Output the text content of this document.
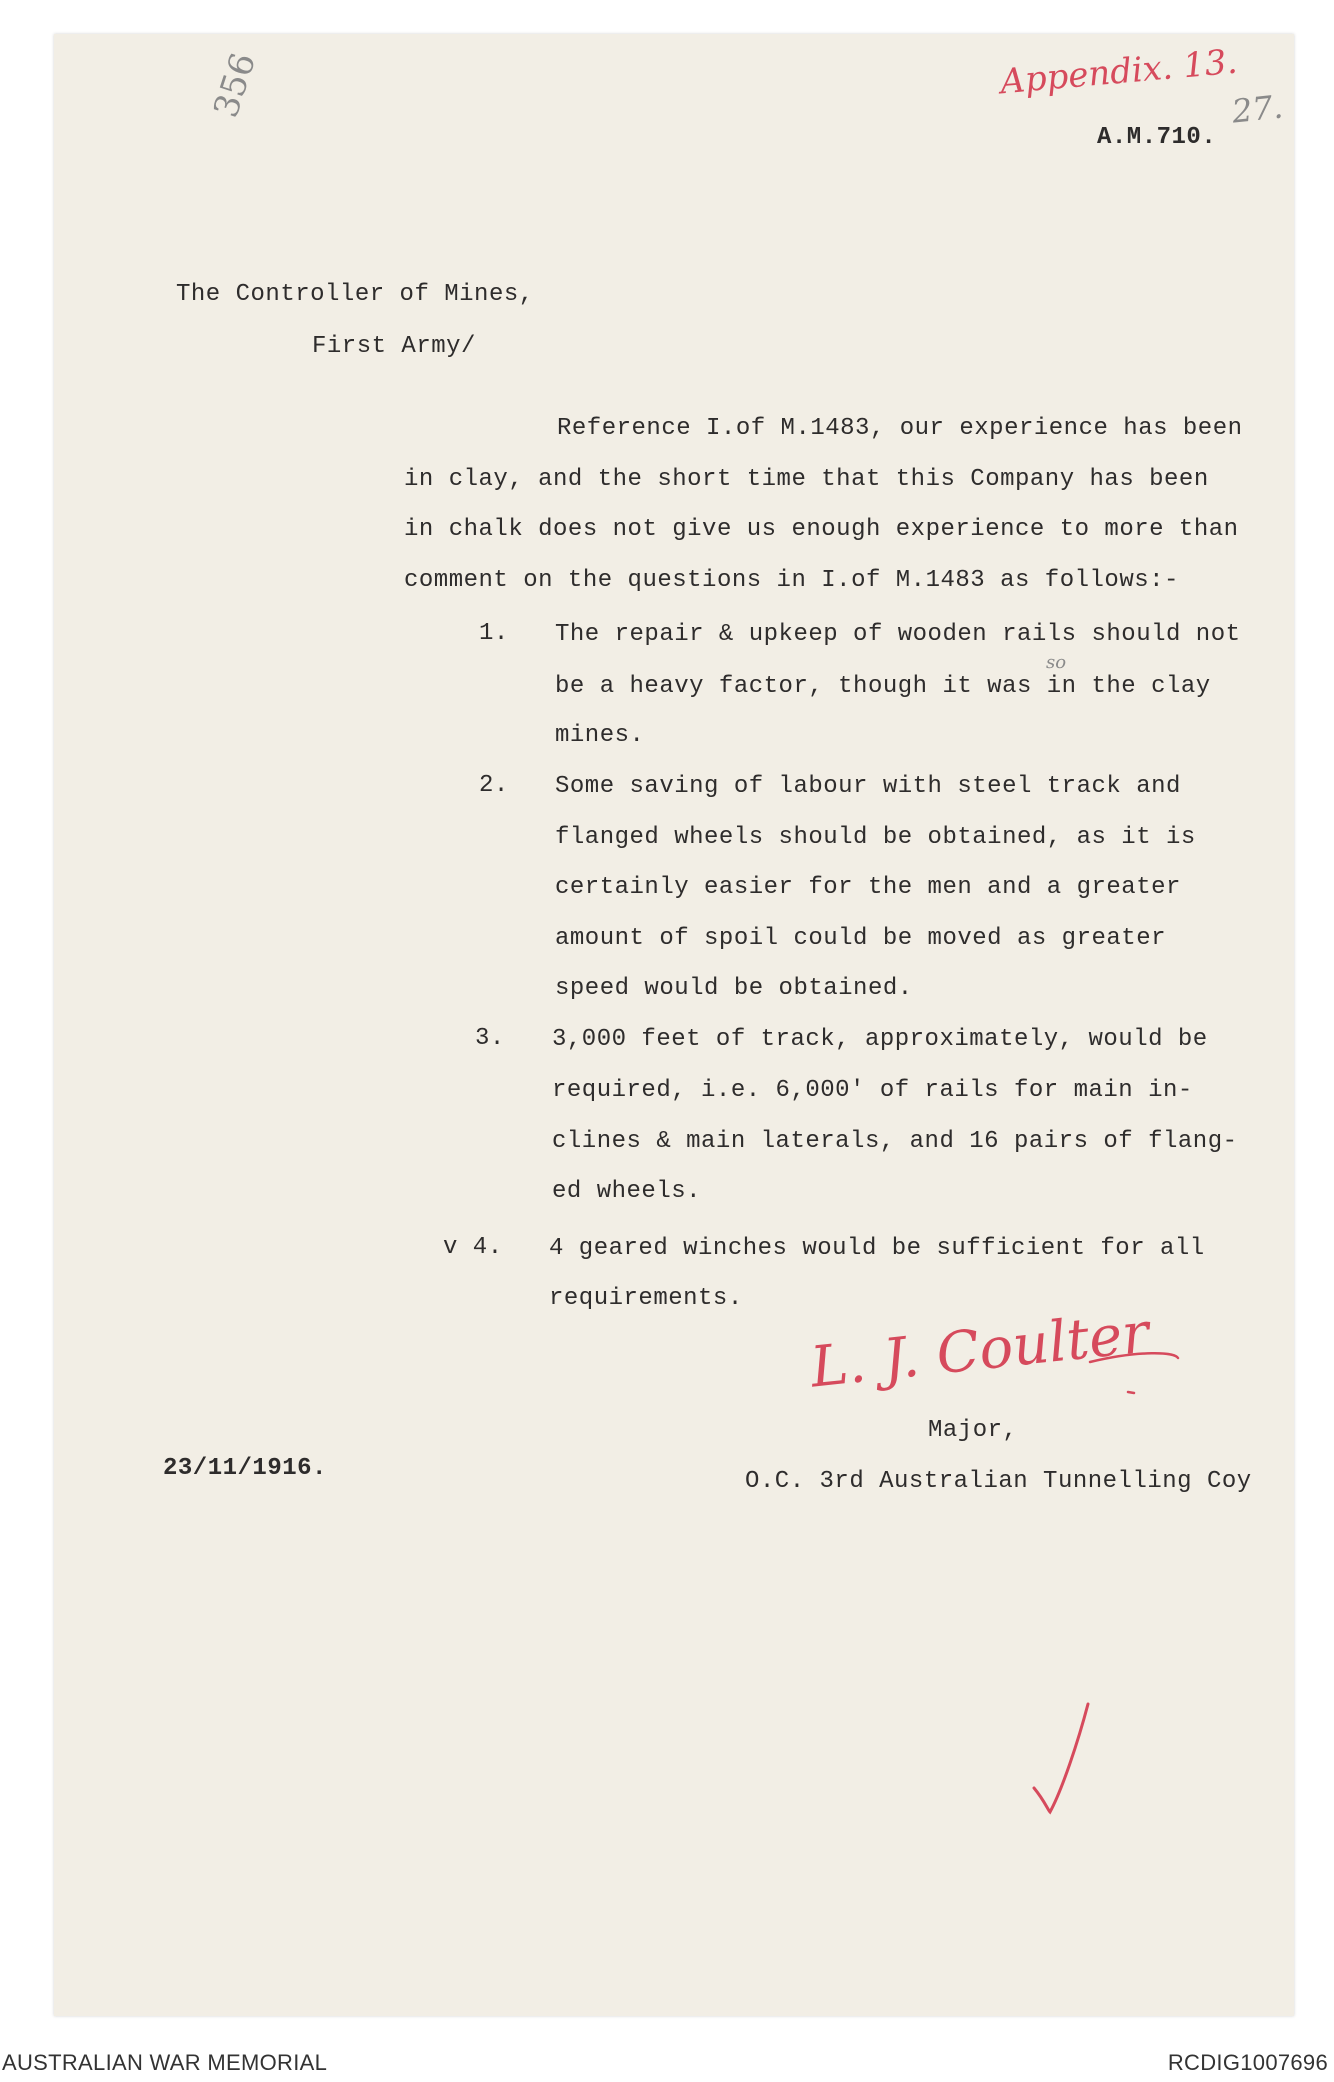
Appendix. 13.

27.

356

A.M.710.

The Controller of Mines,

First Army/

Reference I.of M.1483, our experience has been

in clay, and the short time that this Company has been

in chalk does not give us enough experience to more than

comment on the questions in I.of M.1483 as follows:-

1. The repair & upkeep of wooden rails should not

be a heavy factor, though it was in the clay

so

mines.

2. Some saving of labour with steel track and

flanged wheels should be obtained, as it is

certainly easier for the men and a greater

amount of spoil could be moved as greater

speed would be obtained.

3. 3,000 feet of track, approximately, would be

required, i.e. 6,000' of rails for main in-

clines & main laterals, and 16 pairs of flang-

ed wheels.

v 4. 4 geared winches would be sufficient for all

requirements.

L. J. Coulter

Major,

O.C. 3rd Australian Tunnelling Coy

23/11/1916.

AUSTRALIAN WAR MEMORIAL	RCDIG1007696
